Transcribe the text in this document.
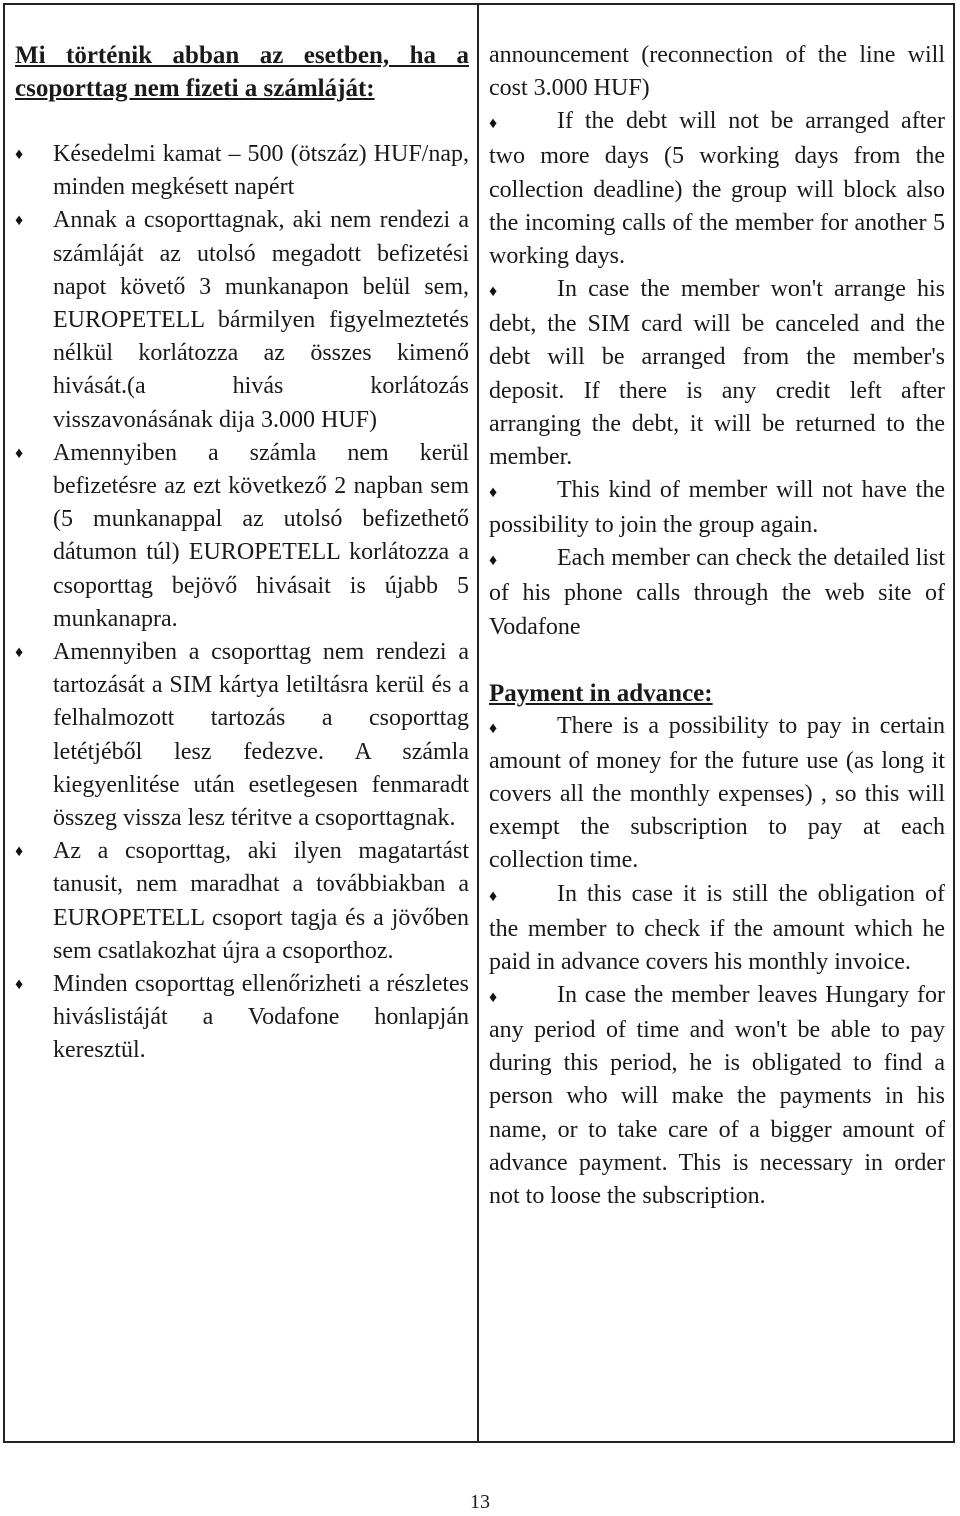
Mi történik abban az esetben, ha a csoporttag nem fizeti a számláját:

♦	Késedelmi kamat – 500 (ötszáz) HUF/nap, minden megkésett napért
♦	Annak a csoporttagnak, aki nem rendezi a számláját az utolsó megadott befizetési napot követő 3 munkanapon belül sem, EUROPETELL bármilyen figyelmeztetés nélkül korlátozza az összes kimenő hivását.(a hivás korlátozás visszavonásának dija 3.000 HUF)
♦	Amennyiben a számla nem kerül befizetésre az ezt következő 2 napban sem (5 munkanappal az utolsó befizethető dátumon túl) EUROPETELL korlátozza a csoporttag bejövő hivásait is újabb 5 munkanapra.
♦	Amennyiben a csoporttag nem rendezi a tartozását a SIM kártya letiltásra kerül és a felhalmozott tartozás a csoporttag letétjéből lesz fedezve. A számla kiegyenlitése után esetlegesen fenmaradt összeg vissza lesz téritve a csoporttagnak.
♦	Az a csoporttag, aki ilyen magatartást tanusit, nem maradhat a továbbiakban a EUROPETELL csoport tagja és a jövőben sem csatlakozhat újra a csoporthoz.
♦	Minden csoporttag ellenőrizheti a részletes hiváslistáját a Vodafone honlapján keresztül.

announcement (reconnection of the line will cost 3.000 HUF)

♦ If the debt will not be arranged after two more days (5 working days from the collection deadline) the group will block also the incoming calls of the member for another 5 working days.
♦ In case the member won't arrange his debt, the SIM card will be canceled and the debt will be arranged from the member's deposit. If there is any credit left after arranging the debt, it will be returned to the member.
♦ This kind of member will not have the possibility to join the group again.
♦ Each member can check the detailed list of his phone calls through the web site of Vodafone

Payment in advance:

♦ There is a possibility to pay in certain amount of money for the future use (as long it covers all the monthly expenses) , so this will exempt the subscription to pay at each collection time.
♦ In this case it is still the obligation of the member to check if the amount which he paid in advance covers his monthly invoice.
♦ In case the member leaves Hungary for any period of time and won't be able to pay during this period, he is obligated to find a person who will make the payments in his name, or to take care of a bigger amount of advance payment. This is necessary in order not to loose the subscription.
13
